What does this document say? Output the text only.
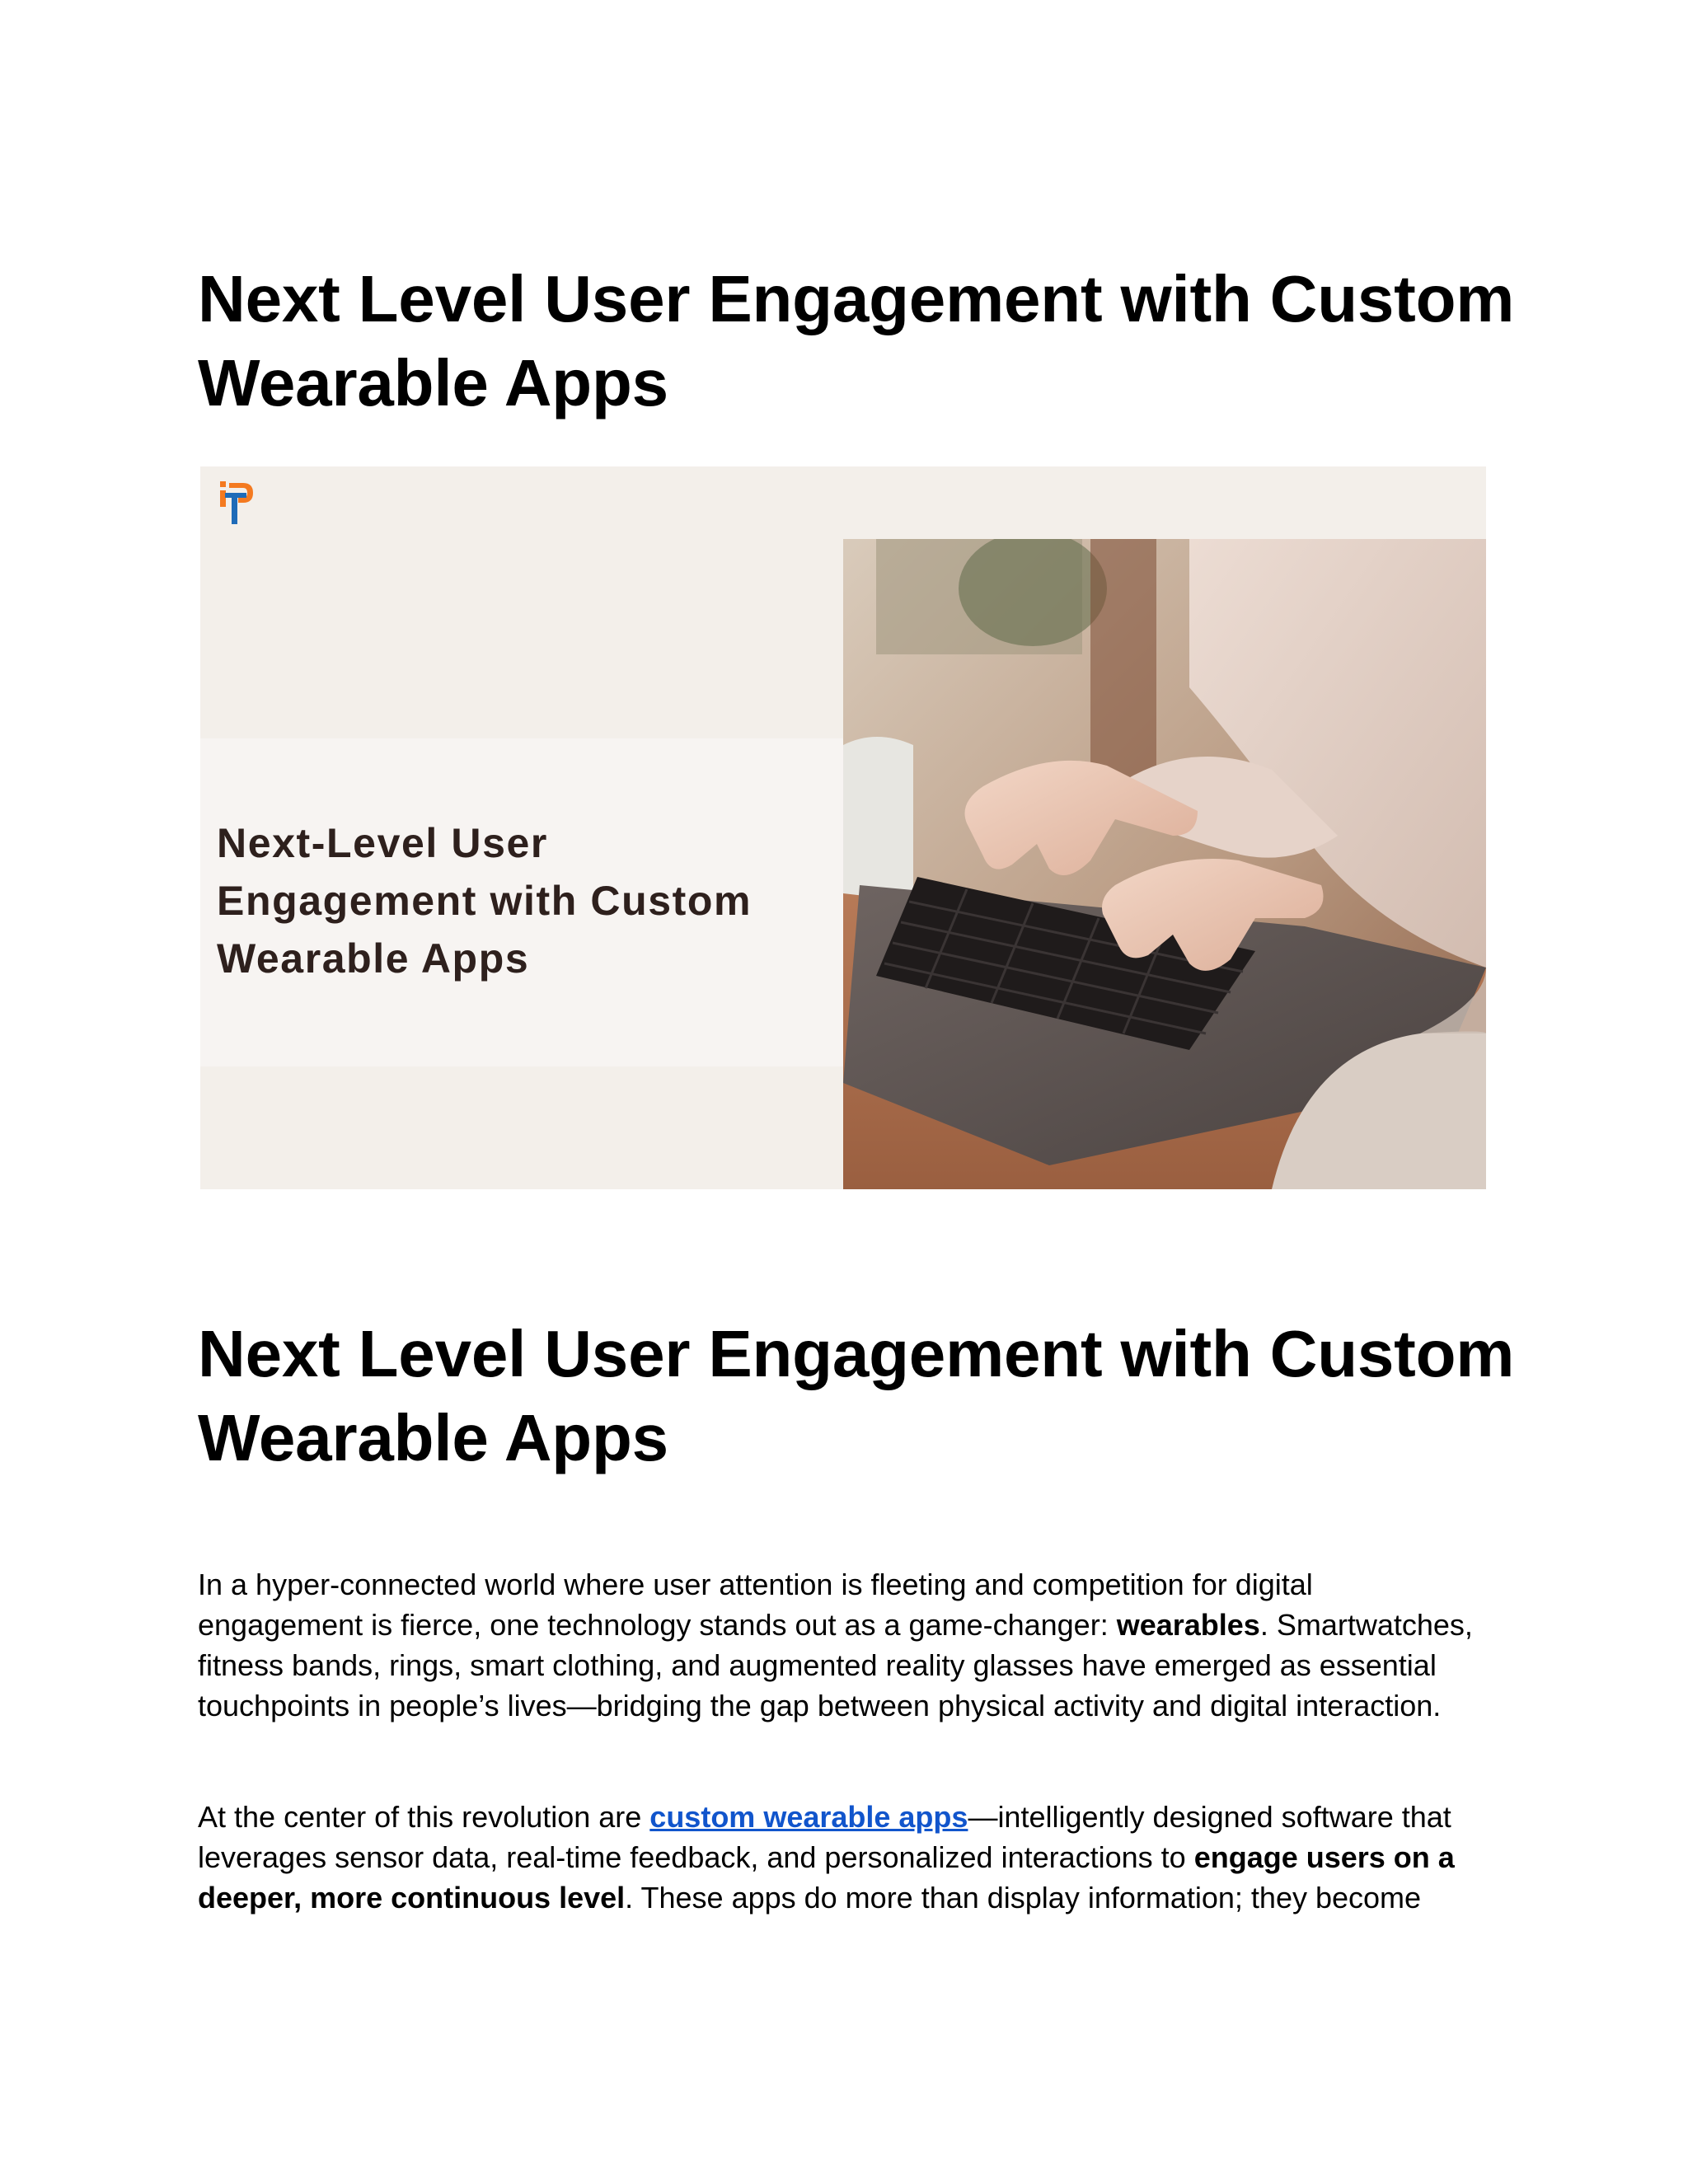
Next Level User Engagement with Custom Wearable Apps
Next-Level User
Engagement with Custom
Wearable Apps
Next Level User Engagement with Custom Wearable Apps

In a hyper-connected world where user attention is fleeting and competition for digital engagement is fierce, one technology stands out as a game-changer: wearables. Smartwatches, fitness bands, rings, smart clothing, and augmented reality glasses have emerged as essential touchpoints in people’s lives—bridging the gap between physical activity and digital interaction.

At the center of this revolution are custom wearable apps—intelligently designed software that leverages sensor data, real-time feedback, and personalized interactions to engage users on a deeper, more continuous level. These apps do more than display information; they become
